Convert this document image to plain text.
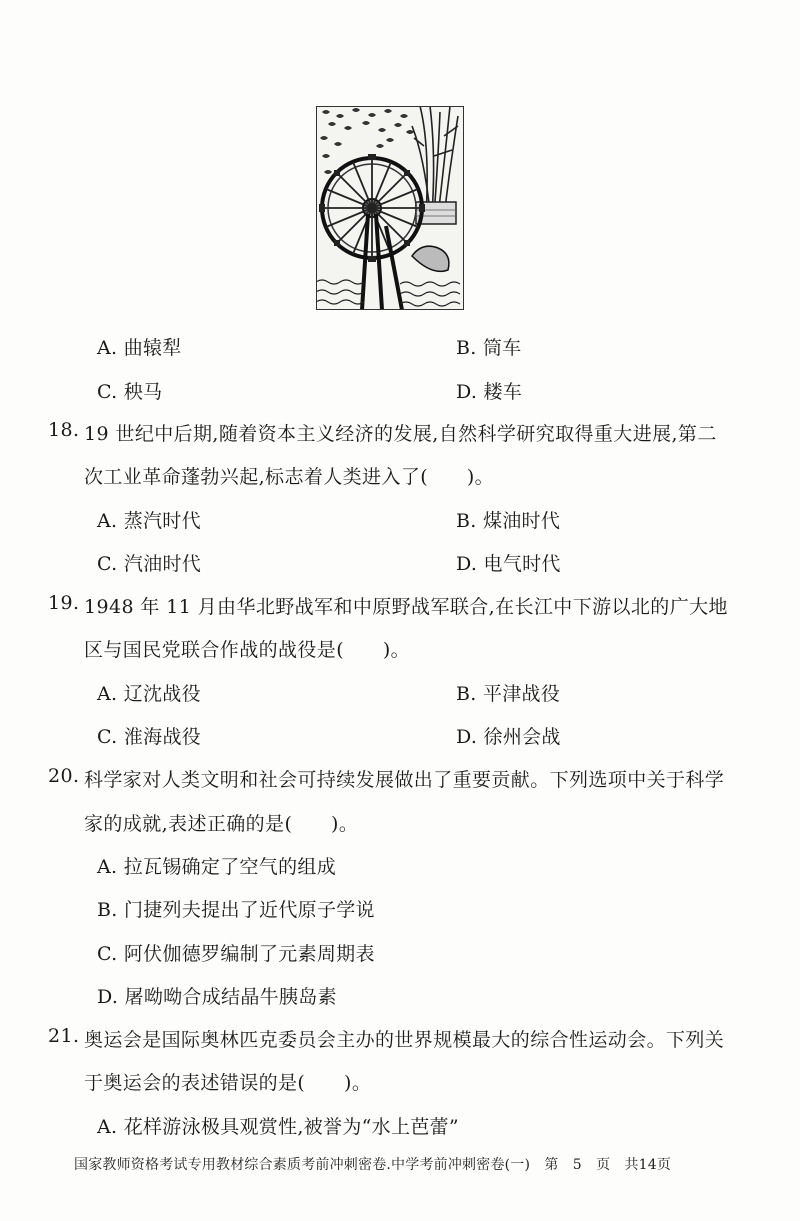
A. 曲辕犁	B. 筒车
C. 秧马	D. 耧车
18. 19 世纪中后期,随着资本主义经济的发展,自然科学研究取得重大进展,第二
次工业革命蓬勃兴起,标志着人类进入了(　　)。
A. 蒸汽时代	B. 煤油时代
C. 汽油时代	D. 电气时代
19. 1948 年 11 月由华北野战军和中原野战军联合,在长江中下游以北的广大地
区与国民党联合作战的战役是(　　)。
A. 辽沈战役	B. 平津战役
C. 淮海战役	D. 徐州会战
20. 科学家对人类文明和社会可持续发展做出了重要贡献。下列选项中关于科学
家的成就,表述正确的是(　　)。
A. 拉瓦锡确定了空气的组成
B. 门捷列夫提出了近代原子学说
C. 阿伏伽德罗编制了元素周期表
D. 屠呦呦合成结晶牛胰岛素
21. 奥运会是国际奥林匹克委员会主办的世界规模最大的综合性运动会。下列关
于奥运会的表述错误的是(　　)。
A. 花样游泳极具观赏性,被誉为“水上芭蕾”
国家教师资格考试专用教材综合素质考前冲刺密卷.中学考前冲刺密卷(一)　第　5　页　共14页
